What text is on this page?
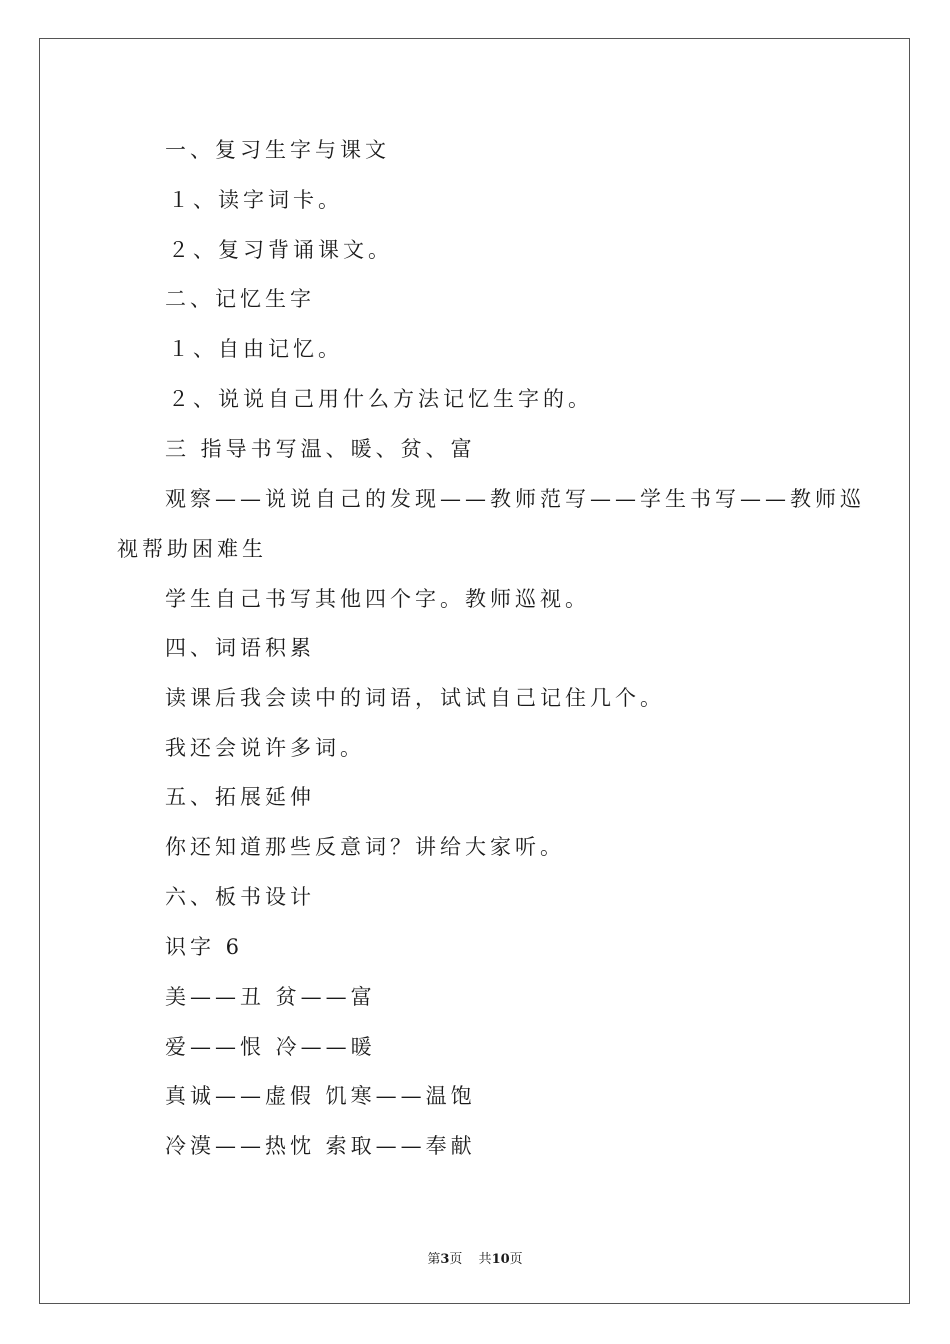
一、复习生字与课文
１、读字词卡。
２、复习背诵课文。
二、记忆生字
１、自由记忆。
２、说说自己用什么方法记忆生字的。
三 指导书写温、暖、贫、富
观察——说说自己的发现——教师范写——学生书写——教师巡
视帮助困难生
学生自己书写其他四个字。教师巡视。
四、词语积累
读课后我会读中的词语，试试自己记住几个。
我还会说许多词。
五、拓展延伸
你还知道那些反意词？讲给大家听。
六、板书设计
识字 6
美——丑 贫——富
爱——恨 冷——暖
真诚——虚假 饥寒——温饱
冷漠——热忱 索取——奉献
第3页 共10页
